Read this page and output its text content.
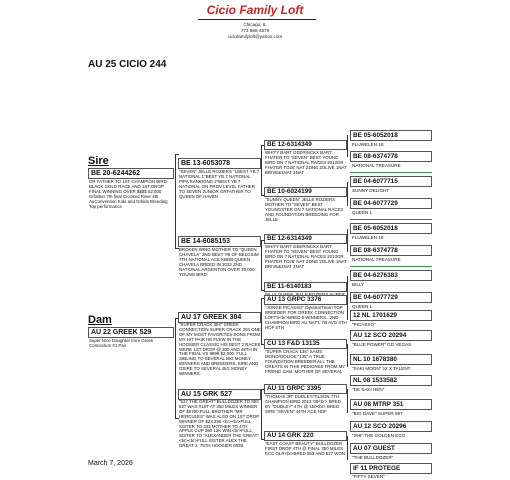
Cicio Family Loft
Chicago, IL
773 885-4879
ciciofamilyloft@yahoo.com
AU 25 CICIO 244
Sire
BE 20-6244262
GR FATHER TO 1ST CHAMPION BIRD BLACK GOLD RACE AND 1ST DROP FINAL WINNING OVER $$$$ 52.000 Grfather 7th final Crooked River 4th AuConvention Kids and Grkids Breeding Top performance
Dam
AU 22 GREEK 529
Super Nice Daughter from Greek Connection #1 Pair
BE 13-6053078
"SEVEN" JELLE ROZIERS "1BEST YB 7 NATIONAL 1"BEST YB 7 NATIONAL PIPA RANKIGNG 2"BEST YB 7 NATIONAL ON PROV LEVEL FATHER TO SEVEN JUNIOR GRFATHER TO QUEEN OF HAVEN
BE 14-6085153
BROKEN WING MOTHER TO "QUEEN CHAVELA" 2ND BEST YB OF BELGIUM 7TH NATIONAL ACE KBDB QUEEN CHAVELA BREED IN 2022 2ND NATIONAL ARGENTON OVER 30,000 YOUNG BIRD
AU 17 GREEK 304
"SUPER CRACK 304" GREEK CONNECTION SUPER CRACK 304 ONE OF MY MOST FAVORITES SONS FROM MY HIT PAIR HE FLEW IN THE HOOSIER CLASSIC HIS BEST 2 RACES WERE 1ST DROP @ 200 AND 48TH IN THE FINAL VS 9898 $2,000. FULL SIBLING TO SEVERAL BIG MONEY WINNERS AND BREEDERS. SIRE AND GSIRE TO SEVERAL BIG MONEY WINNERS.
AU 15 GRK 527
"527 THE GREAT" BULLDOZER TO 800 527 WAS #1ST AT 350 MILES WINNER OF $5790 FULL BROTHER "MR HERCULES" WAS ALSO ON 1ST DROP WINNER OF $23,390.<br><br>FULL SISTER TO 333 MOTHER TO 4TH APPLE CUP 350 12K WIN.<br>FULL SISTER TO "ALEXANDER THE GREAT"<br><br>FULL SISTER ALEX THE GREAT 2, 75TH HOOSIER MOB
BE 12-6314349
WHITY BART GEERINCKX BART FHATER TO "SEVEN" BEST YOUNG BIRD ON 7 NATIONAL RACES 2013GR FHATER TO28' NAT ZONE 2OLIVE 1NAT BRIVE&1NAT 2NAT
BE 10-6024199
"SUNNY QUEEN" JELLE ROZIERS MOTHER TO "SEVEN" BEST YOUNGSTER ON 7 NATIONAL RACES AND FOUNDATION BREEDING FOR JELLE
BE 12-6314349
WHITY BART GEERINCKX BART FHATER TO "SEVEN" BEST YOUNG BIRD ON 7 NATIONAL RACES 2013GR FHATER TO28' NAT ZONE 2OLIVE 1NAT BRIVE&1NAT 2NAT
BE 11-6140183
AU 13 GRPC 3376
"JONGE PICASSO" Dijkstra/Tilson TOP BREEDER FOR GREEK CONNECTION LOFTS<br>BRED 5 WINNERS...2ND CHAMPION BIRD AU NAT'L YB AVG 4TH HOF 5TH
CU 13 F&D 13135
"SUPER CRACK 135" SAMS MONO/GOLIDE "135" A TRUE FOUNDATION BREEDER ALL THE GREATS IN THIS PEDIGREE FROM MY FRIEND SAM. MOTHER OF SEVERAL
AU 11 GRPC 3395
"THOMAS JR" DUDLEY/TILSON 7TH CHAMPION BIRD 2013 YB<br> BRED BY "DUDLEY" 4TH @ 150<br> BRED SIRE "SEVEN" 44TH ACE HOF
AU 14 GRK 220
"EAST COAST BEAUTY" BULLDOZER FIRST DROP 4TH @ FINAL 350 MILES ECC OLR<br>BRED 553 AND 527 WON
BE 05-6052018
FLUWELEN 18
BE 08-6374778
NATIONAL TREASURE
BE 04-6077715
SUNNY DELIGHT
BE 04-6077729
QUEEN L
BE 05-6052018
FLUWELEN 18
BE 08-6374778
NATIONAL TREASURE
BE 04-6276383
BILLY
BE 04-6077729
QUEEN L
12 NL 1701629
"PICASSO"
AU 12 SCO 20294
"BLUE POWER" GD VEGAS
NL 10 1678380
"SAKI MOON" 12 X TALENT
NL 08 1533582
"DE SAKI HEN"
AU 08 MTRP 351
"BIG DAVE" SUPER 597
AU 12 SCO 20296
"296" THE GOLDEN EGG
AU 07 GUEST
"THE BULLDOZER"
IF 11 PROTEGE
"FIFTY SEVEN"
March 7, 2026
